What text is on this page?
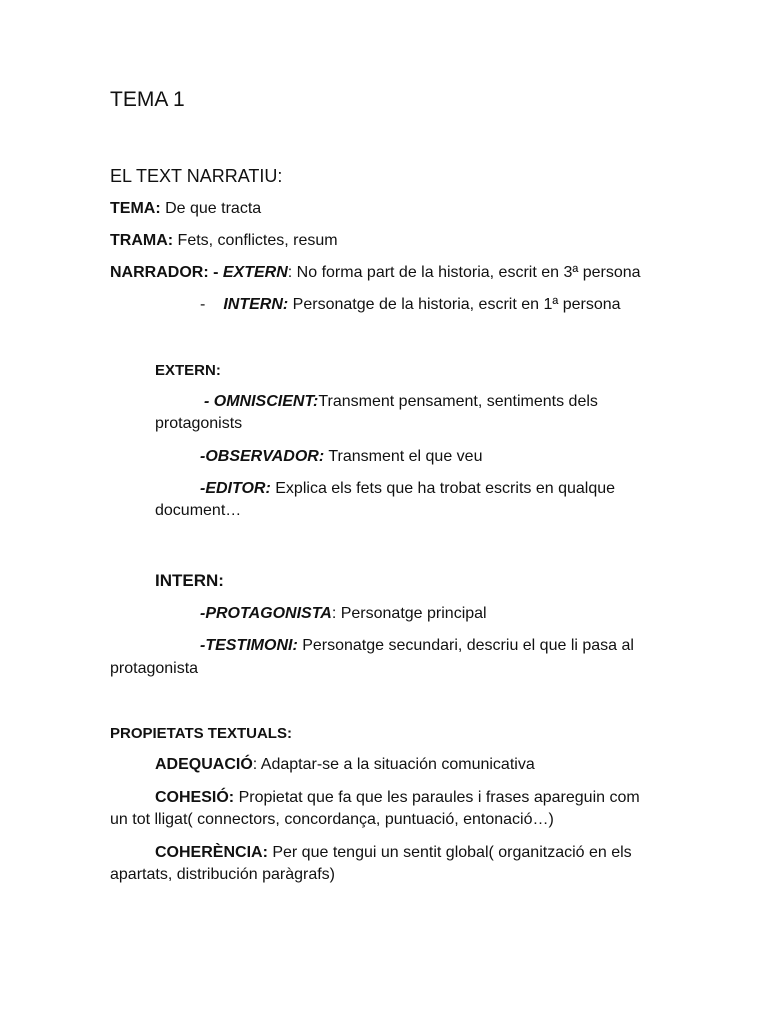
TEMA 1
EL TEXT NARRATIU:
TEMA: De que tracta
TRAMA: Fets, conflictes, resum
NARRADOR: - EXTERN: No forma part de la historia, escrit en 3ª persona
- INTERN: Personatge de la historia, escrit en 1ª persona
EXTERN:
- OMNISCIENT:Transment pensament, sentiments dels
protagonists
-OBSERVADOR: Transment el que veu
-EDITOR: Explica els fets que ha trobat escrits en qualque
document…
INTERN:
-PROTAGONISTA: Personatge principal
-TESTIMONI: Personatge secundari, descriu el que li pasa al
protagonista
PROPIETATS TEXTUALS:
ADEQUACIÓ: Adaptar-se a la situación comunicativa
COHESIÓ: Propietat que fa que les paraules i frases apareguin com
un tot lligat( connectors, concordança, puntuació, entonació…)
COHERÈNCIA: Per que tengui un sentit global( organització en els
apartats, distribución paràgrafs)
